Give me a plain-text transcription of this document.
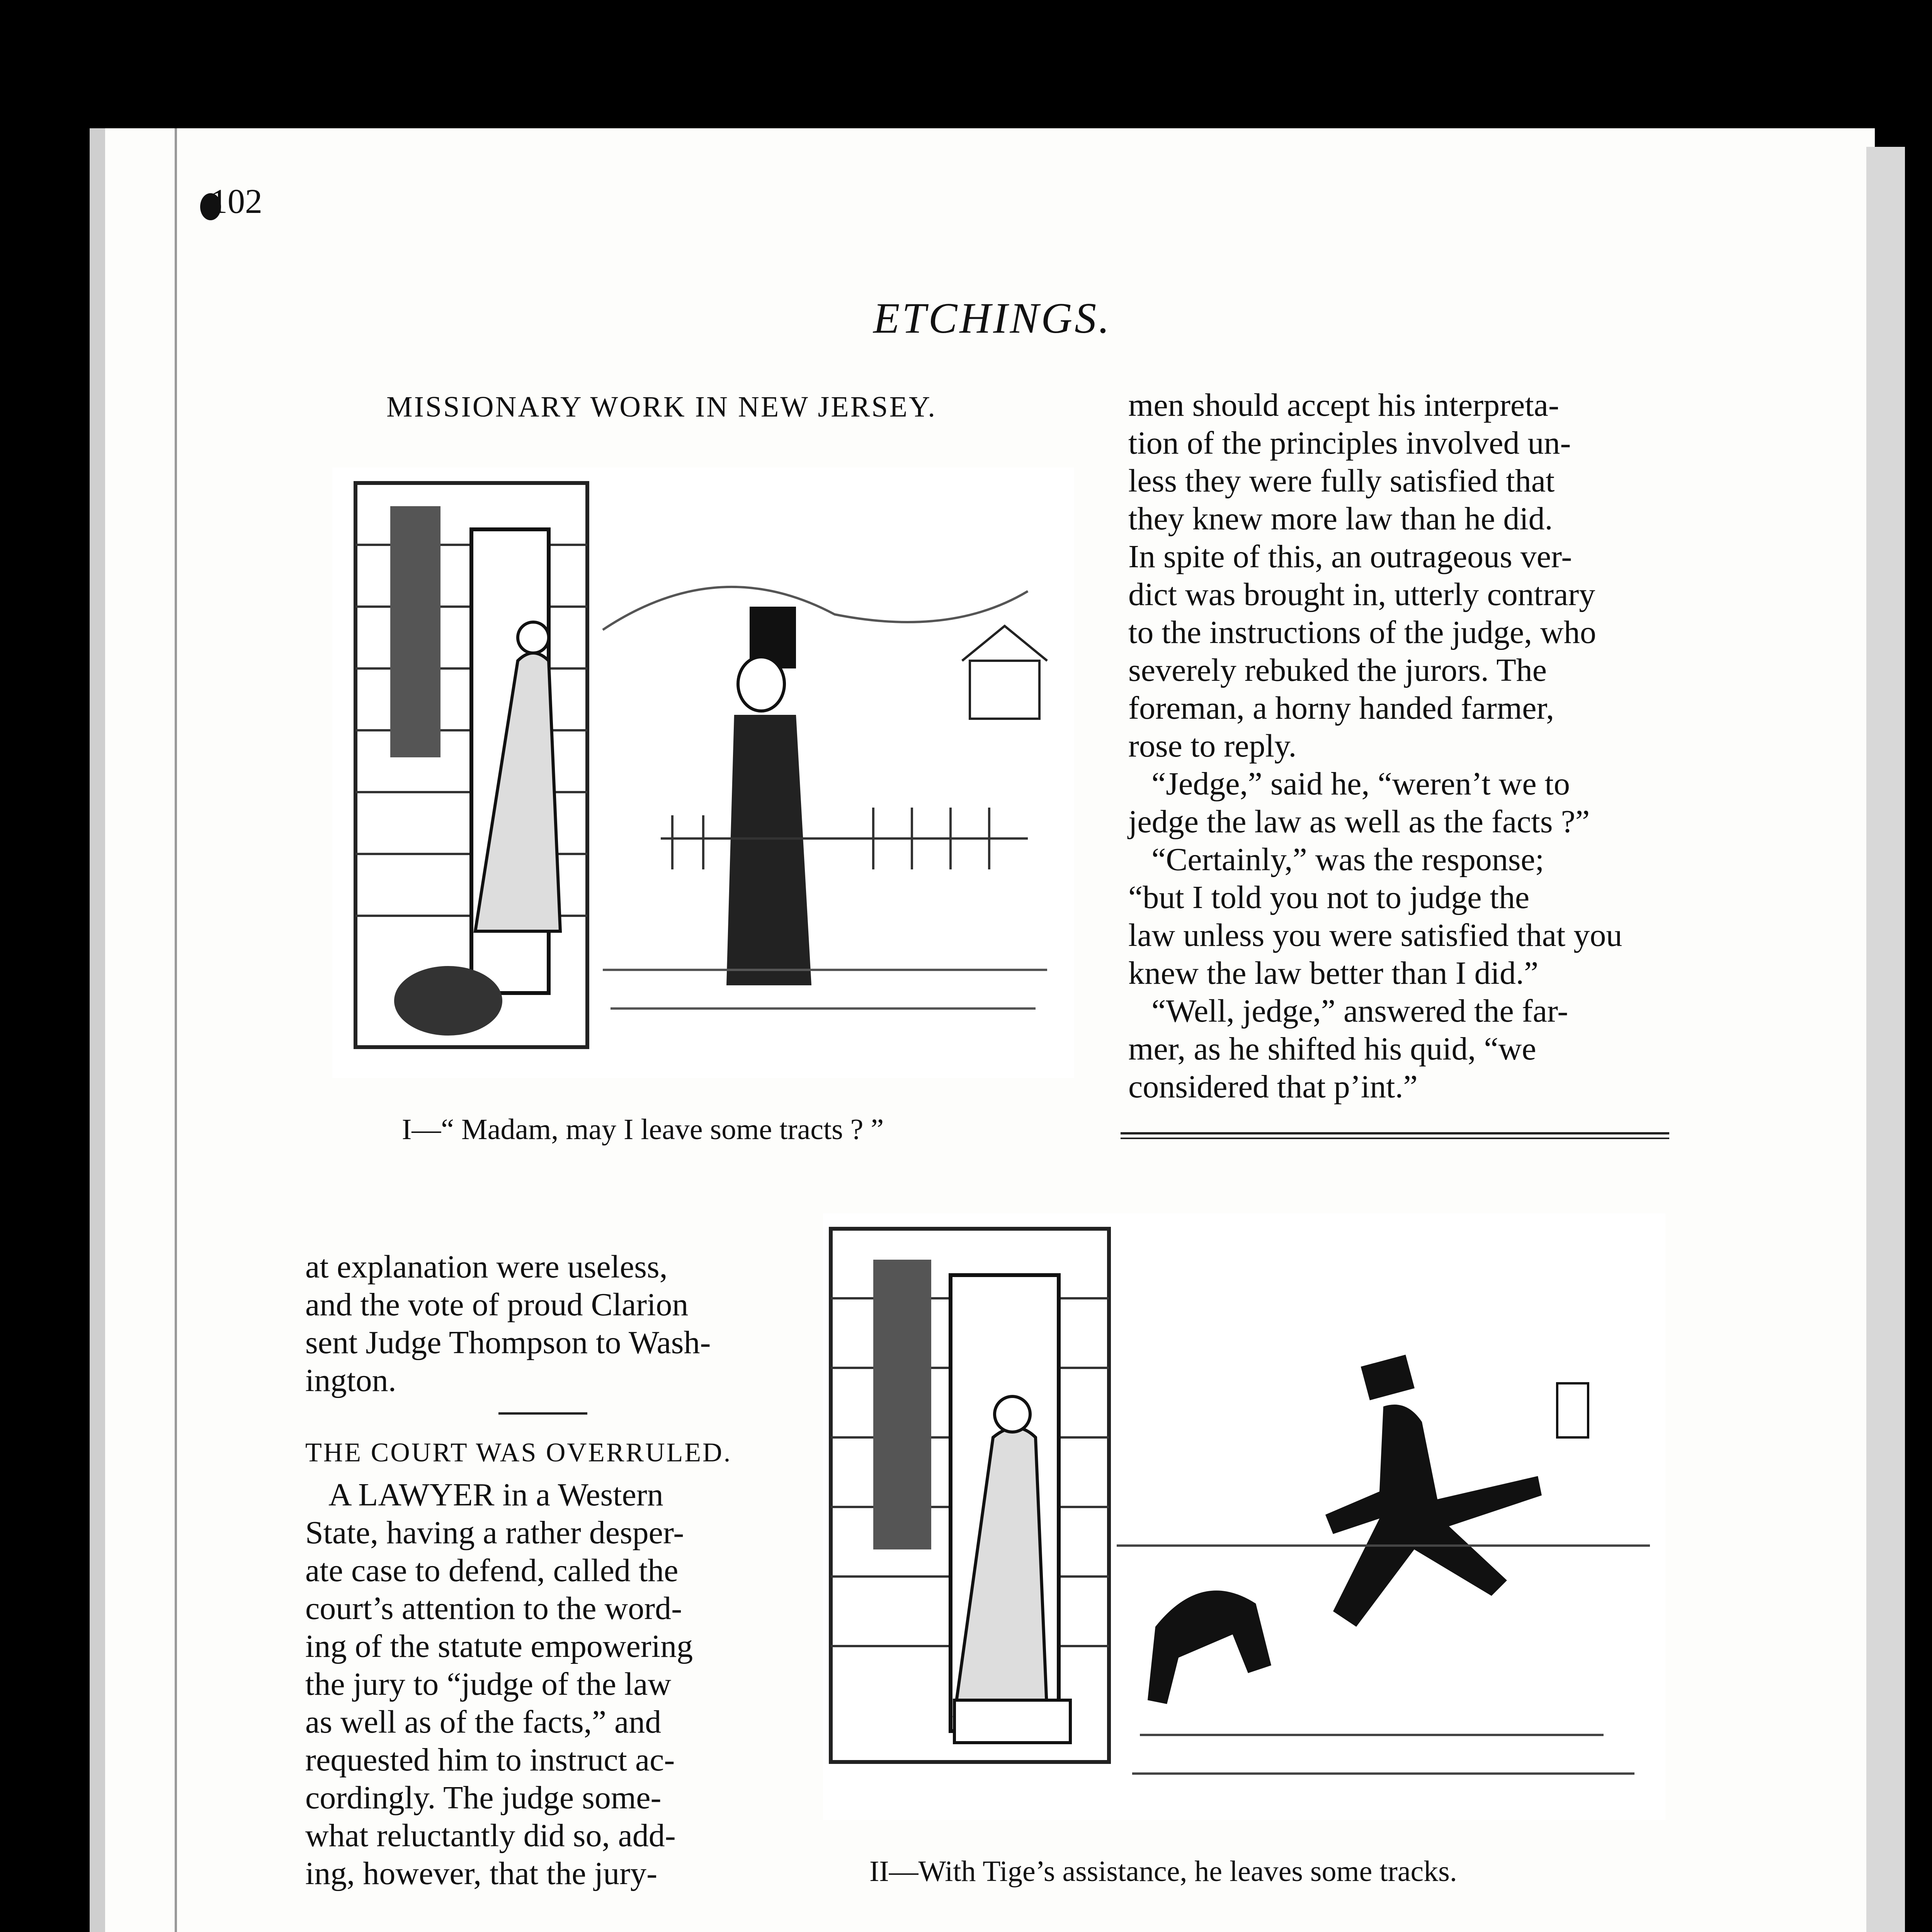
102
ETCHINGS.
MISSIONARY WORK IN NEW JERSEY.
I—“ Madam, may I leave some tracts ? ”
men should accept his interpreta-
tion of the principles involved un-
less they were fully satisfied that
they knew more law than he did.
In spite of this, an outrageous ver-
dict was brought in, utterly contrary
to the instructions of the judge, who
severely rebuked the jurors. The
foreman, a horny handed farmer,
rose to reply.
“Jedge,” said he, “weren’t we to
jedge the law as well as the facts ?”
“Certainly,” was the response;
“but I told you not to judge the
law unless you were satisfied that you
knew the law better than I did.”
“Well, jedge,” answered the far-
mer, as he shifted his quid, “we
considered that p’int.”
at explanation were useless,
and the vote of proud Clarion
sent Judge Thompson to Wash-
ington.
THE COURT WAS OVERRULED.
A LAWYER in a Western
State, having a rather desper-
ate case to defend, called the
court’s attention to the word-
ing of the statute empowering
the jury to “judge of the law
as well as of the facts,” and
requested him to instruct ac-
cordingly. The judge some-
what reluctantly did so, add-
ing, however, that the jury-	II—With Tige’s assistance, he leaves some tracks.
